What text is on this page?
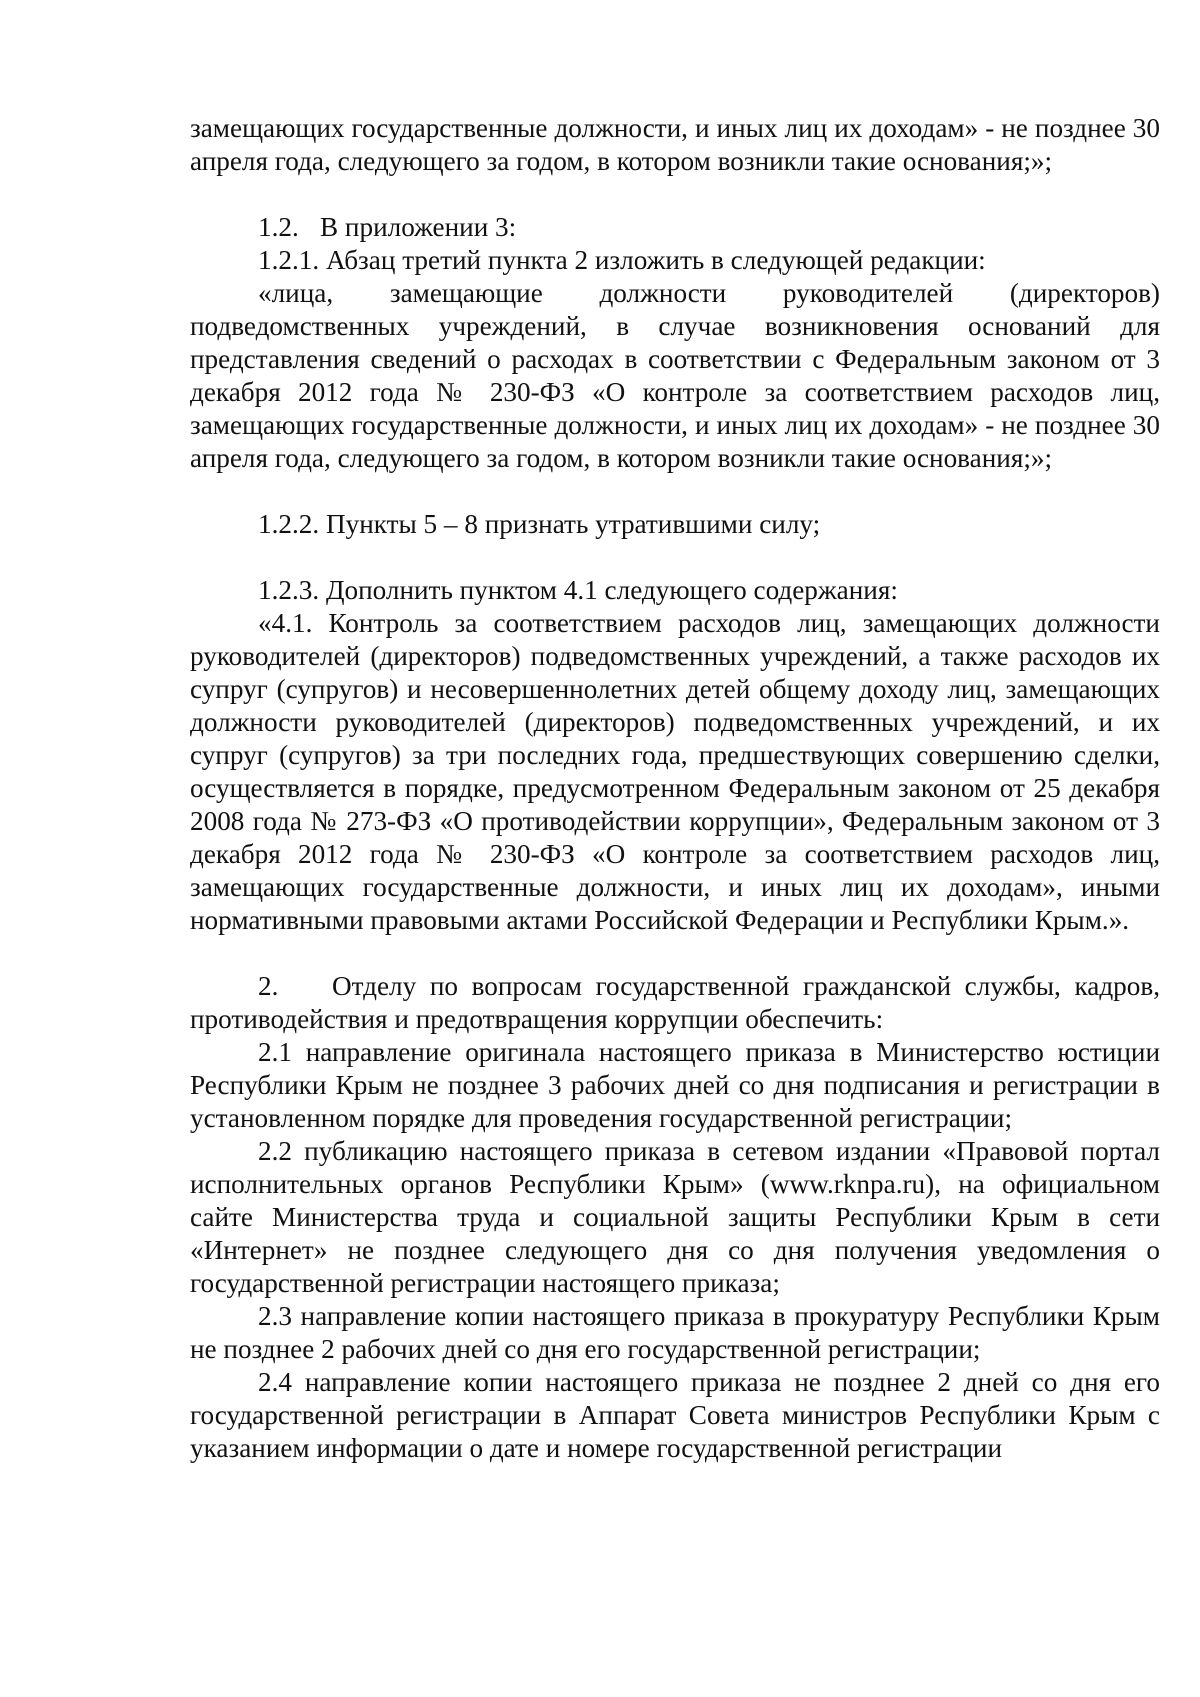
замещающих государственные должности, и иных лиц их доходам» - не позднее 30 апреля года, следующего за годом, в котором возникли такие основания;»;

1.2. В приложении 3:

1.2.1. Абзац третий пункта 2 изложить в следующей редакции:

«лица, замещающие должности руководителей (директоров) подведомственных учреждений, в случае возникновения оснований для представления сведений о расходах в соответствии с Федеральным законом от 3 декабря 2012 года № 230-ФЗ «О контроле за соответствием расходов лиц, замещающих государственные должности, и иных лиц их доходам» - не позднее 30 апреля года, следующего за годом, в котором возникли такие основания;»;

1.2.2. Пункты 5 – 8 признать утратившими силу;

1.2.3. Дополнить пунктом 4.1 следующего содержания:

«4.1. Контроль за соответствием расходов лиц, замещающих должности руководителей (директоров) подведомственных учреждений, а также расходов их супруг (супругов) и несовершеннолетних детей общему доходу лиц, замещающих должности руководителей (директоров) подведомственных учреждений, и их супруг (супругов) за три последних года, предшествующих совершению сделки, осуществляется в порядке, предусмотренном Федеральным законом от 25 декабря 2008 года № 273-ФЗ «О противодействии коррупции», Федеральным законом от 3 декабря 2012 года № 230-ФЗ «О контроле за соответствием расходов лиц, замещающих государственные должности, и иных лиц их доходам», иными нормативными правовыми актами Российской Федерации и Республики Крым.».

2. Отделу по вопросам государственной гражданской службы, кадров, противодействия и предотвращения коррупции обеспечить:

2.1 направление оригинала настоящего приказа в Министерство юстиции Республики Крым не позднее 3 рабочих дней со дня подписания и регистрации в установленном порядке для проведения государственной регистрации;

2.2 публикацию настоящего приказа в сетевом издании «Правовой портал исполнительных органов Республики Крым» (www.rknpa.ru), на официальном сайте Министерства труда и социальной защиты Республики Крым в сети «Интернет» не позднее следующего дня со дня получения уведомления о государственной регистрации настоящего приказа;

2.3 направление копии настоящего приказа в прокуратуру Республики Крым не позднее 2 рабочих дней со дня его государственной регистрации;

2.4 направление копии настоящего приказа не позднее 2 дней со дня его государственной регистрации в Аппарат Совета министров Республики Крым с указанием информации о дате и номере государственной регистрации
